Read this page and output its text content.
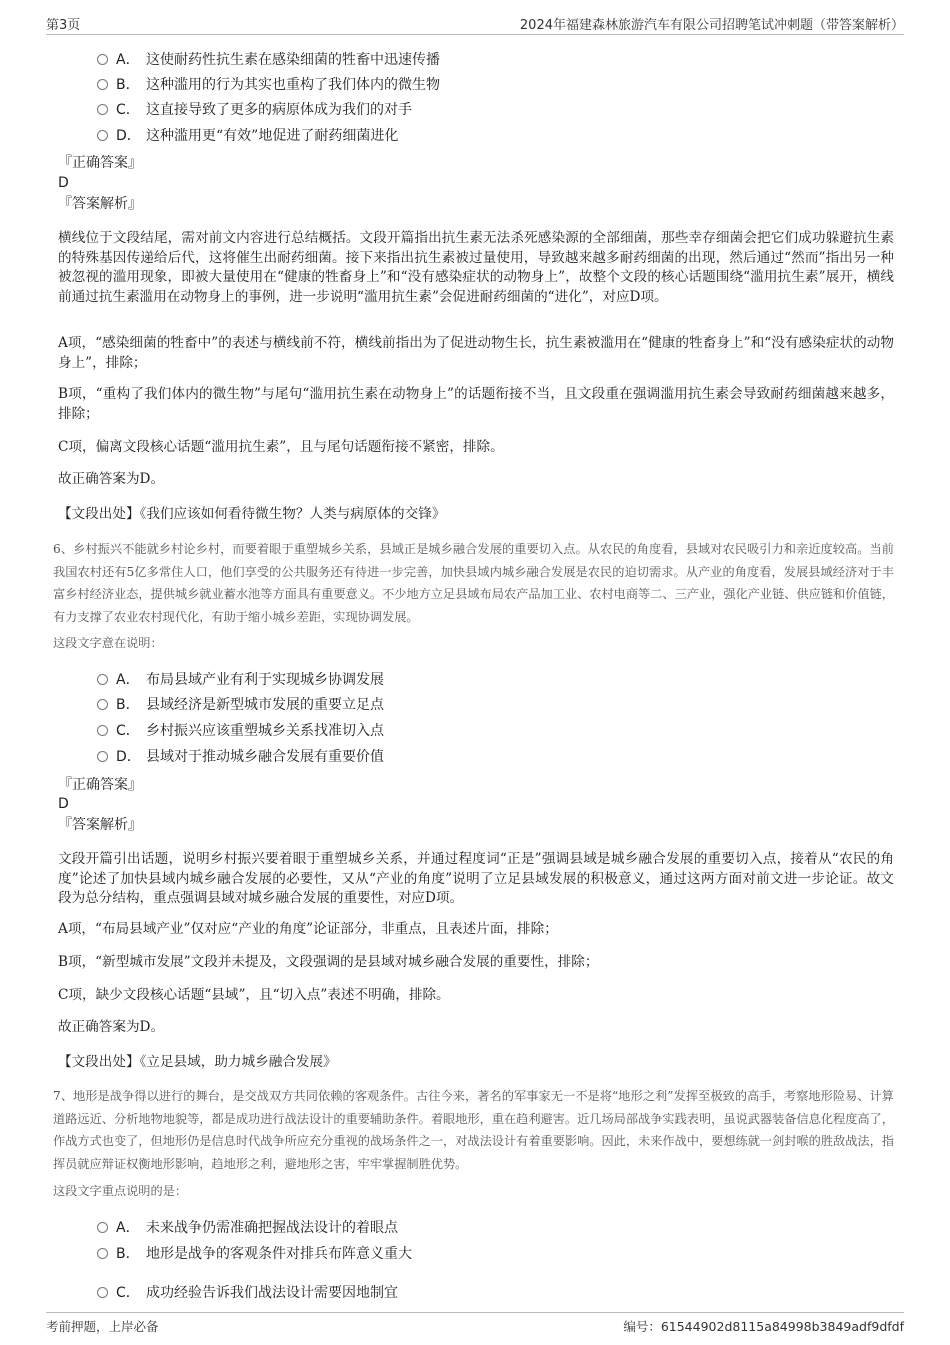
第3页	2024年福建森林旅游汽车有限公司招聘笔试冲刺题（带答案解析）
A． 这使耐药性抗生素在感染细菌的牲畜中迅速传播
B． 这种滥用的行为其实也重构了我们体内的微生物
C． 这直接导致了更多的病原体成为我们的对手
D． 这种滥用更“有效”地促进了耐药细菌进化
『正确答案』
D
『答案解析』
横线位于文段结尾，需对前文内容进行总结概括。文段开篇指出抗生素无法杀死感染源的全部细菌，那些幸存细菌会把它们成功躲避抗生素的特殊基因传递给后代，这将催生出耐药细菌。接下来指出抗生素被过量使用，导致越来越多耐药细菌的出现，然后通过“然而”指出另一种被忽视的滥用现象，即被大量使用在“健康的牲畜身上”和“没有感染症状的动物身上”，故整个文段的核心话题围绕“滥用抗生素”展开，横线前通过抗生素滥用在动物身上的事例，进一步说明“滥用抗生素”会促进耐药细菌的“进化”，对应D项。
A项，“感染细菌的牲畜中”的表述与横线前不符，横线前指出为了促进动物生长，抗生素被滥用在“健康的牲畜身上”和“没有感染症状的动物身上”，排除；
B项，“重构了我们体内的微生物”与尾句“滥用抗生素在动物身上”的话题衔接不当，且文段重在强调滥用抗生素会导致耐药细菌越来越多，排除；
C项，偏离文段核心话题“滥用抗生素”，且与尾句话题衔接不紧密，排除。
故正确答案为D。
【文段出处】《我们应该如何看待微生物？人类与病原体的交锋》
6、乡村振兴不能就乡村论乡村，而要着眼于重塑城乡关系，县域正是城乡融合发展的重要切入点。从农民的角度看，县域对农民吸引力和亲近度较高。当前我国农村还有5亿多常住人口，他们享受的公共服务还有待进一步完善，加快县域内城乡融合发展是农民的迫切需求。从产业的角度看，发展县域经济对于丰富乡村经济业态，提供城乡就业蓄水池等方面具有重要意义。不少地方立足县域布局农产品加工业、农村电商等二、三产业，强化产业链、供应链和价值链，有力支撑了农业农村现代化，有助于缩小城乡差距，实现协调发展。
这段文字意在说明：
A． 布局县域产业有利于实现城乡协调发展
B． 县域经济是新型城市发展的重要立足点
C． 乡村振兴应该重塑城乡关系找准切入点
D． 县域对于推动城乡融合发展有重要价值
『正确答案』
D
『答案解析』
文段开篇引出话题，说明乡村振兴要着眼于重塑城乡关系，并通过程度词“正是”强调县域是城乡融合发展的重要切入点，接着从“农民的角度”论述了加快县域内城乡融合发展的必要性，又从“产业的角度”说明了立足县域发展的积极意义，通过这两方面对前文进一步论证。故文段为总分结构，重点强调县域对城乡融合发展的重要性，对应D项。
A项，“布局县域产业”仅对应“产业的角度”论证部分，非重点，且表述片面，排除；
B项，“新型城市发展”文段并未提及，文段强调的是县域对城乡融合发展的重要性，排除；
C项，缺少文段核心话题“县域”，且“切入点”表述不明确，排除。
故正确答案为D。
【文段出处】《立足县域，助力城乡融合发展》
7、地形是战争得以进行的舞台，是交战双方共同依赖的客观条件。古往今来，著名的军事家无一不是将“地形之利”发挥至极致的高手，考察地形险易、计算道路远近、分析地物地貌等，都是成功进行战法设计的重要辅助条件。着眼地形，重在趋利避害。近几场局部战争实践表明，虽说武器装备信息化程度高了，作战方式也变了，但地形仍是信息时代战争所应充分重视的战场条件之一，对战法设计有着重要影响。因此，未来作战中，要想练就一剑封喉的胜敌战法，指挥员就应辩证权衡地形影响，趋地形之利，避地形之害，牢牢掌握制胜优势。
这段文字重点说明的是：
A． 未来战争仍需准确把握战法设计的着眼点
B． 地形是战争的客观条件对排兵布阵意义重大
C． 成功经验告诉我们战法设计需要因地制宜
考前押题，上岸必备	编号：61544902d8115a84998b3849adf9dfdf
